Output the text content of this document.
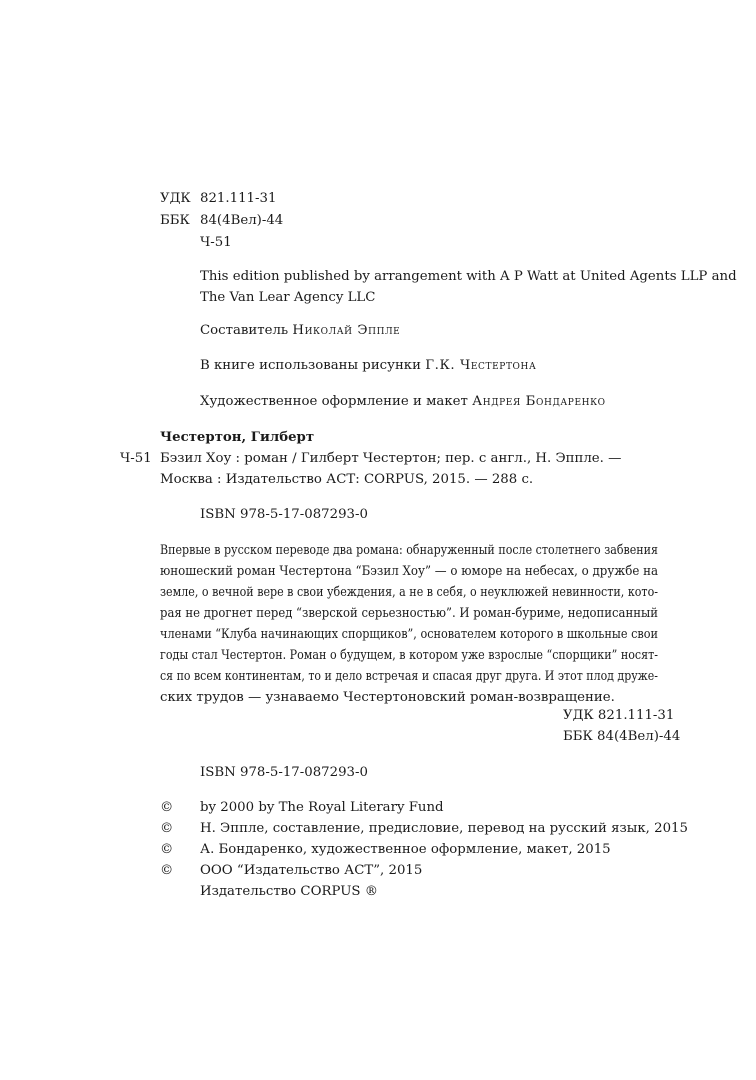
УДК 821.111-31
ББК 84(4Вел)-44
Ч-51
This edition published by arrangement with A P Watt at United Agents LLP and
The Van Lear Agency LLC
Составитель Николай Эппле
В книге использованы рисунки Г.К. Честертона
Художественное оформление и макет Андрея Бондаренко
Честертон, Гилберт
Ч-51 Бэзил Хоу : роман / Гилберт Честертон; пер. с англ., Н. Эппле. —
Москва : Издательство АСТ: CORPUS, 2015. — 288 с.
ISBN 978-5-17-087293-0
Впервые в русском переводе два романа: обнаруженный после столетнего забвения
юношеский роман Честертона “Бэзил Хоу” — о юморе на небесах, о дружбе на
земле, о вечной вере в свои убеждения, а не в себя, о неуклюжей невинности, кото-
рая не дрогнет перед “зверской серьезностью”. И роман-буриме, недописанный
членами “Клуба начинающих спорщиков”, основателем которого в школьные свои
годы стал Честертон. Роман о будущем, в котором уже взрослые “спорщики” носят-
ся по всем континентам, то и дело встречая и спасая друг друга. И этот плод друже-
ских трудов — узнаваемо Честертоновский роман-возвращение.
УДК 821.111-31
ББК 84(4Вел)-44
ISBN 978-5-17-087293-0
© by 2000 by The Royal Literary Fund
© Н. Эппле, составление, предисловие, перевод на русский язык, 2015
© А. Бондаренко, художественное оформление, макет, 2015
© ООО “Издательство АСТ”, 2015
Издательство CORPUS ®
